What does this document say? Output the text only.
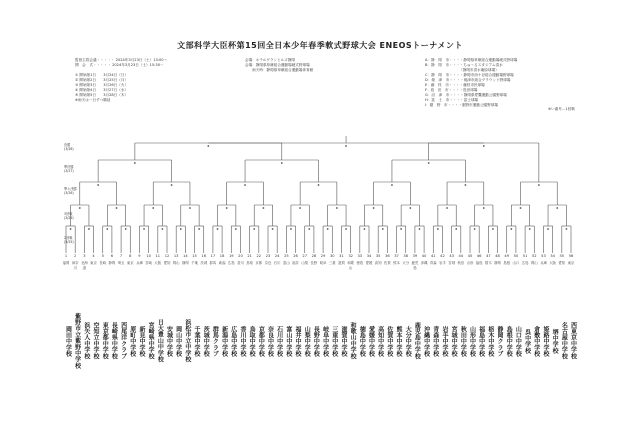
文部科学大臣杯第15回全日本少年春季軟式野球大会 ENEOSトーナメント
監督主将会議・・・・・ 2024年3月23日（土）13:00～
開　会　式・・・・・ 2024年3月23日（土）15:30～
① 開始第1日　　3月24日（日）
② 開始第2日　　3月25日（月）
③ 開始第3日　　3月26日（火）
④ 開始第4日　　3月27日（水）
⑤ 開始第5日　　3月28日（木）
※雨天は一日ずつ順延
会場：ホテルグランヒルズ静岡
会場：静岡県草薙総合運動場硬式野球場
　　雨天時：静岡県草薙総合運動場体育館
A：静　岡　市・・・・静岡県草薙総合運動場硬式野球場
B：静　岡　市・・・・ちゅ～るスタジアム清水
　　　　　　　　　　（静岡市清水庵原球場）
C：静　岡　市・・・・静岡市西ケ谷総合運動場野球場
D：焼　津　市・・・・焼津市総合グラウンド野球場
E：藤　枝　市・・・・藤枝市民球場
F：島　田　市・・・・島田球場
G：沼　津　市・・・・静岡県愛鷹運動公園野球場
H：富　士　市・・・・富士球場
I：裾　野　市・・・・裾野市運動公園野球場
※い番号…1回戦
決勝
(3/28)
準決勝
(3/27)
準々決勝
(3/26)
3回戦
(3/26)
2回戦
(3/25)
1
福岡
岡田中学校
2
神奈川
紫野市立紫野中学校
3
北海道
浜矢人中学校
4
東京
空知立中学校
5
長崎
東京都中学校
6
静岡
長崎県中学校
7
埼玉
西尾洋クラブ
8
東京
原町中学校
9
兵庫
新見中学校
10
宮崎
宮崎県中学校
11
大阪
日大豊山中学校
12
愛知
安城中学校
13
岡山
岡山中学校
14
静岡
浜松市立中学校
15
千葉
千葉中学校
16
茨城
茨城中学校
17
群馬
群馬クラブ
18
新潟
新潟中学校
19
広島
広島中学校
20
香川
香川中学校
21
鳥取
鳥取中学校
22
京都
京都中学校
23
奈良
奈良中学校
24
石川
石川中学校
25
富山
富山中学校
26
福井
福井中学校
27
山梨
山梨中学校
28
長野
長野中学校
29
岐阜
岐阜中学校
30
三重
三重中学校
31
滋賀
滋賀中学校
32
和歌山
和歌山中学校
33
徳島
徳島中学校
34
愛媛
愛媛中学校
35
高知
高知中学校
36
佐賀
佐賀中学校
37
熊本
熊本中学校
38
大分
大分中学校
39
鹿児島
鹿児島中学校
40
沖縄
沖縄中学校
41
青森
青森中学校
42
岩手
岩手中学校
43
宮城
宮城中学校
44
秋田
秋田中学校
45
山形
山形中学校
46
福島
福島中学校
47
栃木
栃木中学校
48
静岡
静岡クラブ
49
島根
島根中学校
50
山口
山口中学校
51
広島
呉中学校
52
岡山
倉敷中学校
53
兵庫
姫路中学校
54
大阪
堺中学校
55
愛知
名古屋中学校
56
東京
西東京中学校
